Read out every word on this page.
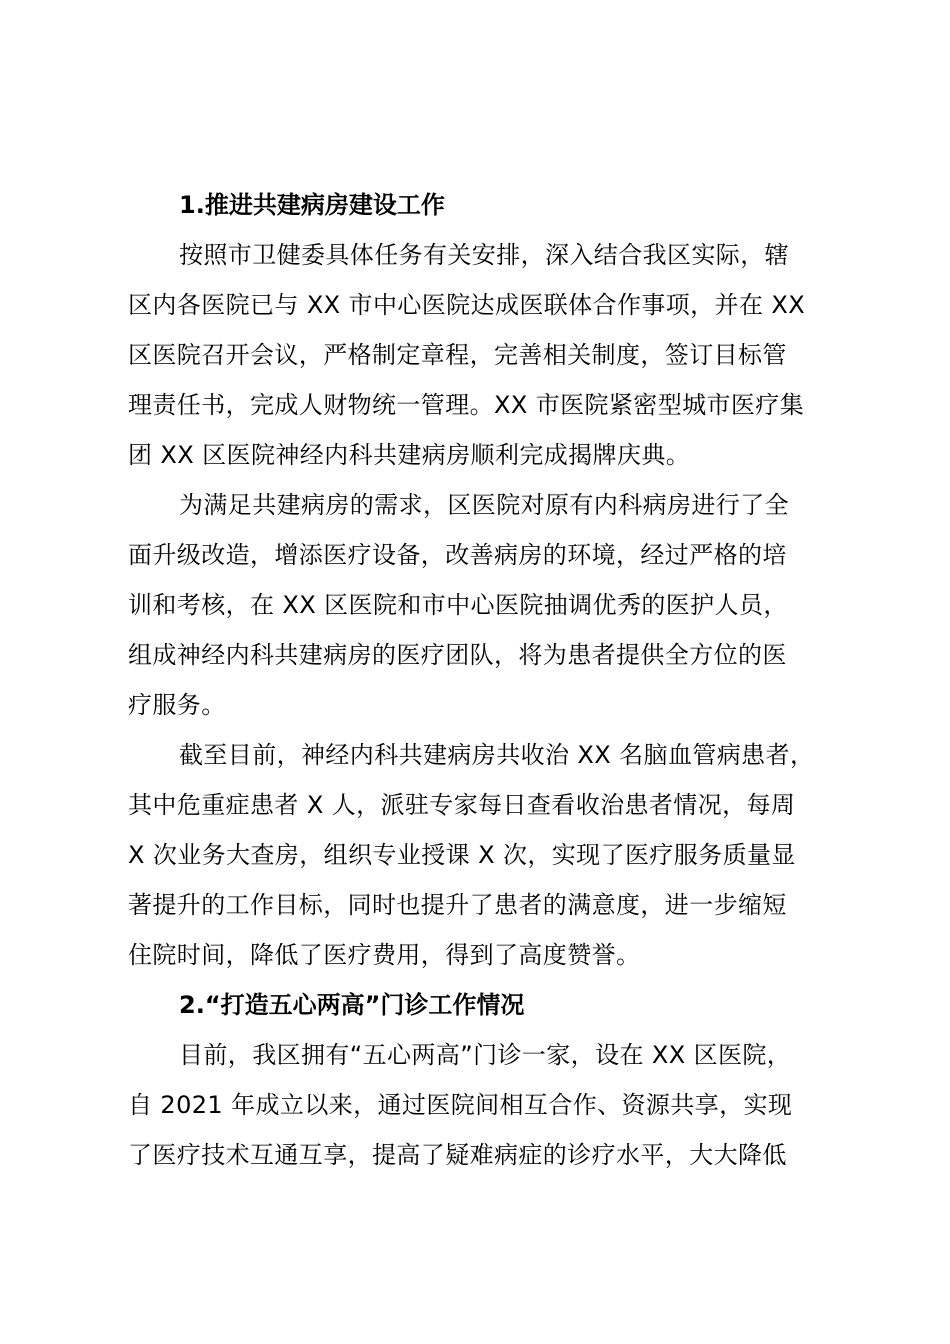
1.推进共建病房建设工作
按照市卫健委具体任务有关安排，深入结合我区实际，辖
区内各医院已与 XX 市中心医院达成医联体合作事项，并在 XX
区医院召开会议，严格制定章程，完善相关制度，签订目标管
理责任书，完成人财物统一管理。XX 市医院紧密型城市医疗集
团 XX 区医院神经内科共建病房顺利完成揭牌庆典。
为满足共建病房的需求，区医院对原有内科病房进行了全
面升级改造，增添医疗设备，改善病房的环境，经过严格的培
训和考核，在 XX 区医院和市中心医院抽调优秀的医护人员，
组成神经内科共建病房的医疗团队，将为患者提供全方位的医
疗服务。
截至目前，神经内科共建病房共收治 XX 名脑血管病患者，
其中危重症患者 X 人，派驻专家每日查看收治患者情况，每周
X 次业务大查房，组织专业授课 X 次，实现了医疗服务质量显
著提升的工作目标，同时也提升了患者的满意度，进一步缩短
住院时间，降低了医疗费用，得到了高度赞誉。
2.“打造五心两高”门诊工作情况
目前，我区拥有“五心两高”门诊一家，设在 XX 区医院，
自 2021 年成立以来，通过医院间相互合作、资源共享，实现
了医疗技术互通互享，提高了疑难病症的诊疗水平，大大降低
